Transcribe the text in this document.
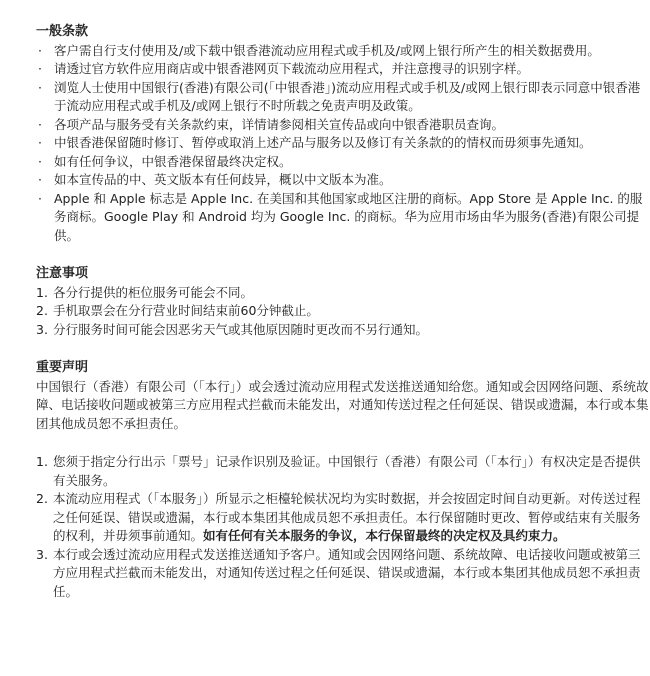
一般条款
· 客户需自行支付使用及/或下载中银香港流动应用程式或手机及/或网上银行所产生的相关数据费用。
· 请透过官方软件应用商店或中银香港网页下载流动应用程式，并注意搜寻的识别字样。
· 浏览人士使用中国银行(香港)有限公司(「中银香港」)流动应用程式或手机及/或网上银行即表示同意中银香港于流动应用程式或手机及/或网上银行不时所载之免责声明及政策。
· 各项产品与服务受有关条款约束，详情请参阅相关宣传品或向中银香港职员查询。
· 中银香港保留随时修订、暂停或取消上述产品与服务以及修订有关条款的的情权而毋须事先通知。
· 如有任何争议，中银香港保留最终决定权。
· 如本宣传品的中、英文版本有任何歧异，概以中文版本为准。
· Apple 和 Apple 标志是 Apple Inc. 在美国和其他国家或地区注册的商标。App Store 是 Apple Inc. 的服务商标。Google Play 和 Android 均为 Google Inc. 的商标。华为应用市场由华为服务(香港)有限公司提供。
注意事项
1. 各分行提供的柜位服务可能会不同。
2. 手机取票会在分行营业时间结束前60分钟截止。
3. 分行服务时间可能会因恶劣天气或其他原因随时更改而不另行通知。
重要声明

中国银行（香港）有限公司（「本行」）或会透过流动应用程式发送推送通知给您。通知或会因网络问题、系统故障、电话接收问题或被第三方应用程式拦截而未能发出，对通知传送过程之任何延误、错误或遗漏，本行或本集团其他成员恕不承担责任。

1. 您须于指定分行出示「票号」记录作识别及验证。中国银行（香港）有限公司（「本行」）有权决定是否提供有关服务。
2. 本流动应用程式（「本服务」）所显示之柜檯轮候状况均为实时数据，并会按固定时间自动更新。对传送过程之任何延误、错误或遗漏，本行或本集团其他成员恕不承担责任。本行保留随时更改、暂停或结束有关服务的权利，并毋须事前通知。如有任何有关本服务的争议，本行保留最终的决定权及具约束力。
3. 本行或会透过流动应用程式发送推送通知予客户。通知或会因网络问题、系统故障、电话接收问题或被第三方应用程式拦截而未能发出，对通知传送过程之任何延误、错误或遗漏，本行或本集团其他成员恕不承担责任。
